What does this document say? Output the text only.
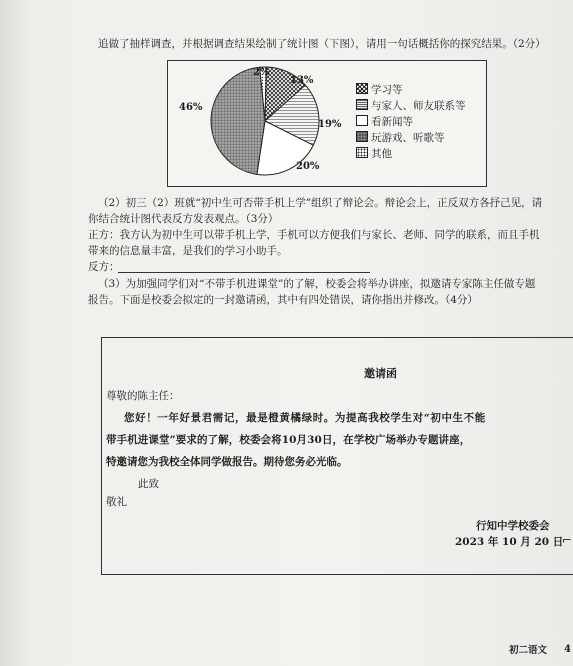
追做了抽样调查，并根据调查结果绘制了统计图（下图），请用一句话概括你的探究结果。（2分）
学习等
与家人、师友联系等
看新闻等
玩游戏、听歌等
其他
2%
13%
19%
20%
46%
（2）初三（2）班就“初中生可否带手机上学”组织了辩论会。辩论会上，正反双方各抒己见，请
你结合统计图代表反方发表观点。（3分）
正方：我方认为初中生可以带手机上学，手机可以方便我们与家长、老师、同学的联系，而且手机
带来的信息量丰富，是我们的学习小助手。
反方：
（3）为加强同学们对“不带手机进课堂”的了解，校委会将举办讲座，拟邀请专家陈主任做专题
报告。下面是校委会拟定的一封邀请函，其中有四处错误，请你指出并修改。（4分）
邀请函
尊敬的陈主任：
您好！一年好景君需记，最是橙黄橘绿时。为提高我校学生对“初中生不能
带手机进课堂”要求的了解，校委会将10月30日，在学校广场举办专题讲座，
特邀请您为我校全体同学做报告。期待您务必光临。
此致
敬礼
行知中学校委会
2023 年 10 月 20 日
⌐
初二语文 4
